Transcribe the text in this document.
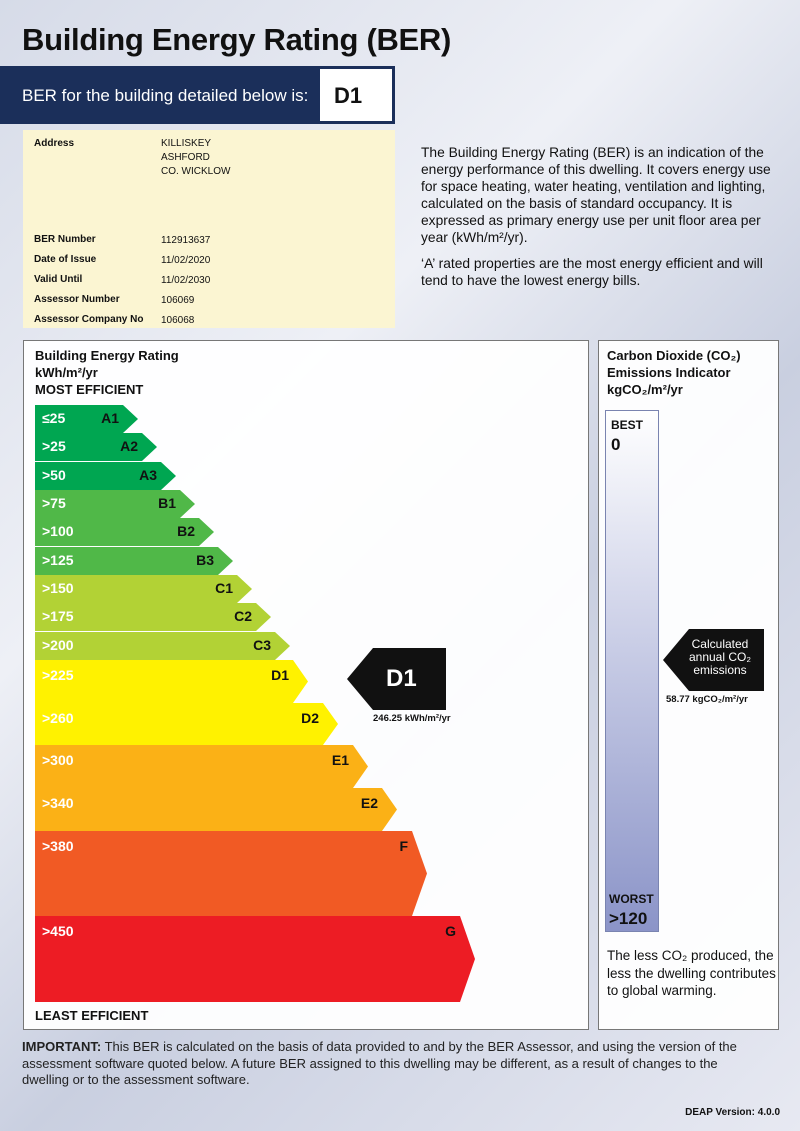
Building Energy Rating (BER)
BER for the building detailed below is: D1
Address	KILLISKEY
ASHFORD
CO. WICKLOW
BER Number	112913637
Date of Issue	11/02/2020
Valid Until	11/02/2030
Assessor Number	106069
Assessor Company No 106068

The Building Energy Rating (BER) is an indication of the energy performance of this dwelling. It covers energy use for space heating, water heating, ventilation and lighting, calculated on the basis of standard occupancy. It is expressed as primary energy use per unit floor area per year (kWh/m²/yr).

‘A’ rated properties are the most energy efficient and will tend to have the lowest energy bills.

Building Energy Rating
kWh/m²/yr
MOST EFFICIENT
≤25	A1
>25	A2
>50	A3
>75	B1
>100	B2
>125	B3
>150	C1
>175	C2
>200	C3
>225	D1
>260	D2
>300	E1
>340	E2
>380	F
>450	G
LEAST EFFICIENT
D1
246.25 kWh/m²/yr
Carbon Dioxide (CO₂)
Emissions Indicator
kgCO₂/m²/yr
BEST
0
WORST
>120
Calculated
annual CO₂
emissions
58.77 kgCO₂/m²/yr
The less CO₂ produced, the less the dwelling contributes to global warming.
IMPORTANT: This BER is calculated on the basis of data provided to and by the BER Assessor, and using the version of the assessment software quoted below. A future BER assigned to this dwelling may be different, as a result of changes to the dwelling or to the assessment software.
DEAP Version: 4.0.0
